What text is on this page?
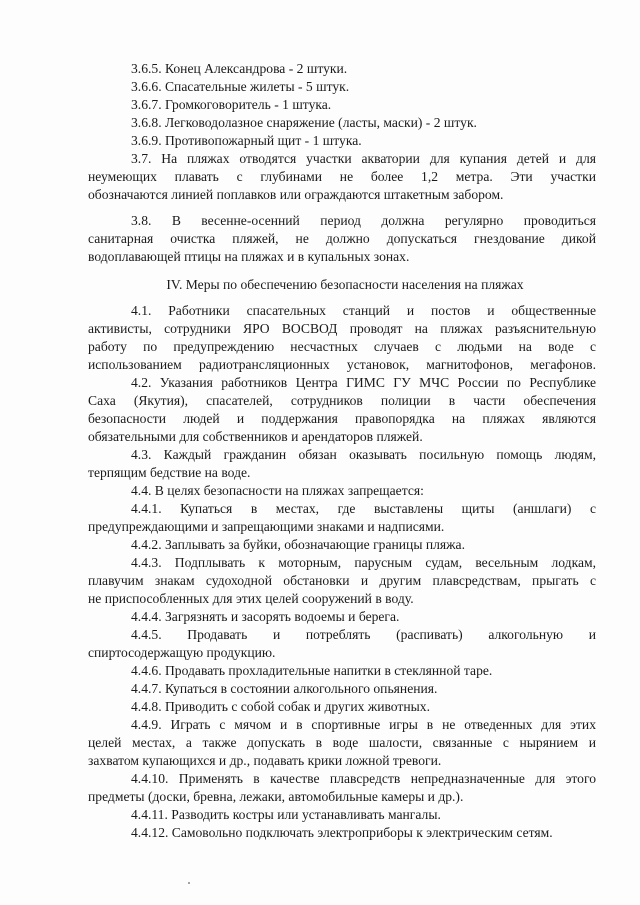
3.6.5. Конец Александрова - 2 штуки.
3.6.6. Спасательные жилеты - 5 штук.
3.6.7. Громкоговоритель - 1 штука.
3.6.8. Легководолазное снаряжение (ласты, маски) - 2 штук.
3.6.9. Противопожарный щит - 1 штука.
3.7. На пляжах отводятся участки акватории для купания детей и для
неумеющих плавать с глубинами не более 1,2 метра. Эти участки
обозначаются линией поплавков или ограждаются штакетным забором.
3.8. В весенне-осенний период должна регулярно проводиться
санитарная очистка пляжей, не должно допускаться гнездование дикой
водоплавающей птицы на пляжах и в купальных зонах.
IV. Меры по обеспечению безопасности населения на пляжах
4.1. Работники спасательных станций и постов и общественные
активисты, сотрудники ЯРО ВОСВОД проводят на пляжах разъяснительную
работу по предупреждению несчастных случаев с людьми на воде с
использованием радиотрансляционных установок, магнитофонов, мегафонов.
4.2. Указания работников Центра ГИМС ГУ МЧС России по Республике
Саха (Якутия), спасателей, сотрудников полиции в части обеспечения
безопасности людей и поддержания правопорядка на пляжах являются
обязательными для собственников и арендаторов пляжей.
4.3. Каждый гражданин обязан оказывать посильную помощь людям,
терпящим бедствие на воде.
4.4. В целях безопасности на пляжах запрещается:
4.4.1. Купаться в местах, где выставлены щиты (аншлаги) с
предупреждающими и запрещающими знаками и надписями.
4.4.2. Заплывать за буйки, обозначающие границы пляжа.
4.4.3. Подплывать к моторным, парусным судам, весельным лодкам,
плавучим знакам судоходной обстановки и другим плавсредствам, прыгать с
не приспособленных для этих целей сооружений в воду.
4.4.4. Загрязнять и засорять водоемы и берега.
4.4.5. Продавать и потреблять (распивать) алкогольную и
спиртосодержащую продукцию.
4.4.6. Продавать прохладительные напитки в стеклянной таре.
4.4.7. Купаться в состоянии алкогольного опьянения.
4.4.8. Приводить с собой собак и других животных.
4.4.9. Играть с мячом и в спортивные игры в не отведенных для этих
целей местах, а также допускать в воде шалости, связанные с нырянием и
захватом купающихся и др., подавать крики ложной тревоги.
4.4.10. Применять в качестве плавсредств непредназначенные для этого
предметы (доски, бревна, лежаки, автомобильные камеры и др.).
4.4.11. Разводить костры или устанавливать мангалы.
4.4.12. Самовольно подключать электроприборы к электрическим сетям.
